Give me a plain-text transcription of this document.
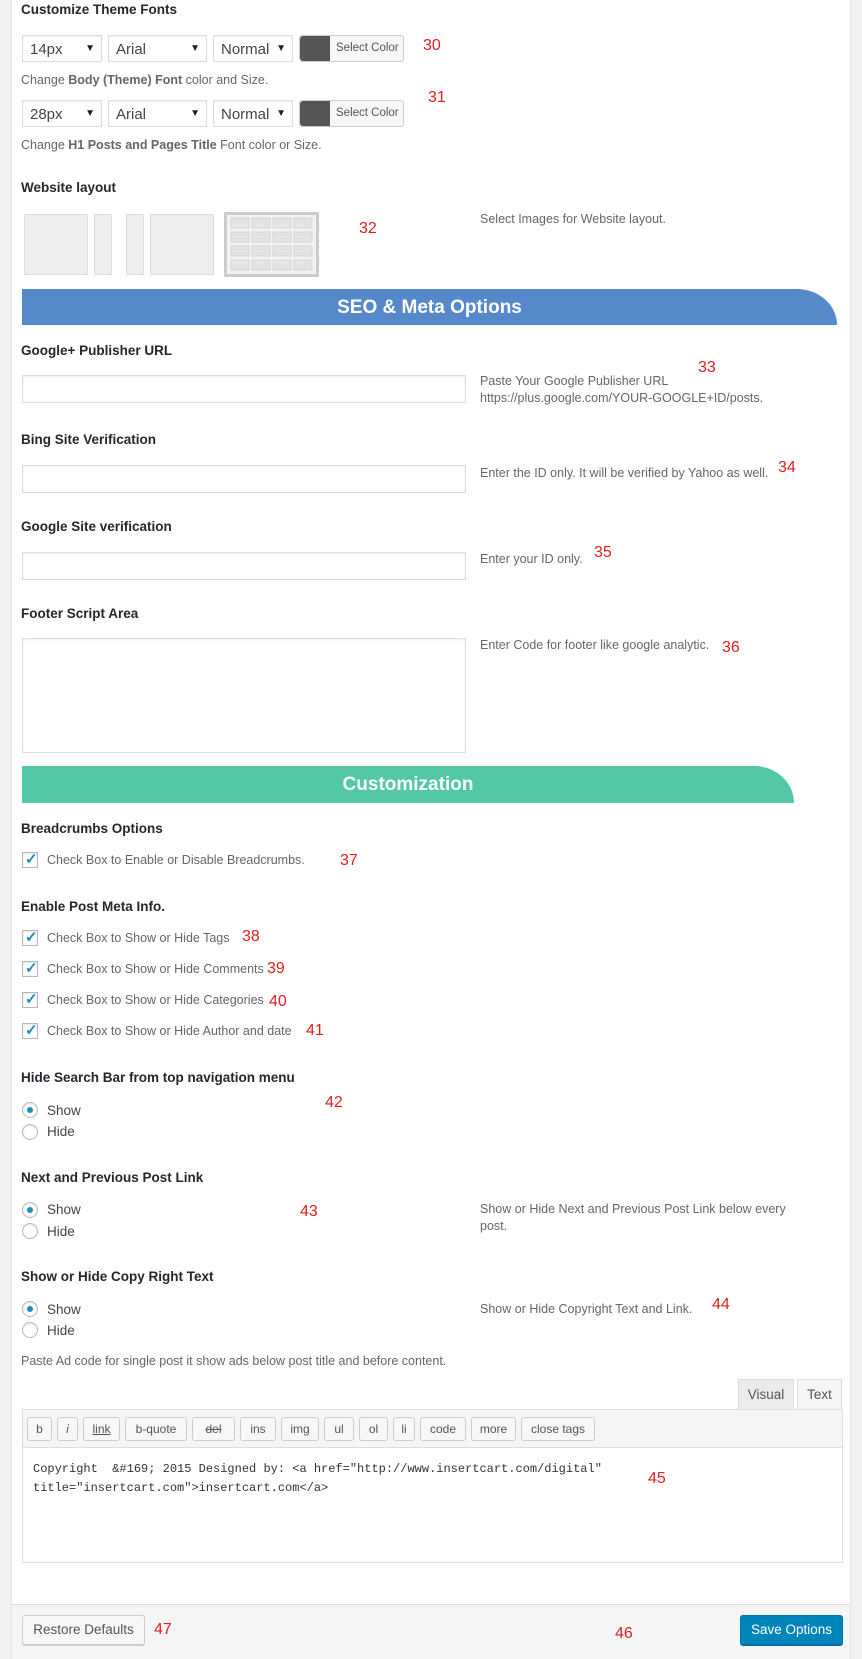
Customize Theme Fonts
14px ▼	Arial	▼	Normal ▼	Select Color 30
Change Body (Theme) Font color and Size.
28px ▼	Arial	▼	Normal ▼	Select Color
31
Change H1 Posts and Pages Title Font color or Size.
Website layout
32
Select Images for Website layout.
SEO & Meta Options
Google+ Publisher URL
Paste Your Google Publisher URL
https://plus.google.com/YOUR-GOOGLE+ID/posts.
33
Bing Site Verification
Enter the ID only. It will be verified by Yahoo as well. 34
Google Site verification
Enter your ID only. 35
Footer Script Area
Enter Code for footer like google analytic. 36
Customization
Breadcrumbs Options
✓ Check Box to Enable or Disable Breadcrumbs. 37
Enable Post Meta Info.
✓ Check Box to Show or Hide Tags 38
✓ Check Box to Show or Hide Comments 39
✓ Check Box to Show or Hide Categories 40
✓ Check Box to Show or Hide Author and date 41
Hide Search Bar from top navigation menu
Show
Hide
42
Next and Previous Post Link
Show
Hide
43	Show or Hide Next and Previous Post Link below every
post.
Show or Hide Copy Right Text
Show
Hide
Show or Hide Copyright Text and Link. 44
Paste Ad code for single post it show ads below post title and before content.
Visual	Text
b	i	link	b-quote	del	ins	img	ul	ol	li	code	more	close tags
Copyright  &#169; 2015 Designed by: <a href="http://www.insertcart.com/digital"
title="insertcart.com">insertcart.com</a>
45
Restore Defaults	47	46	Save Options
